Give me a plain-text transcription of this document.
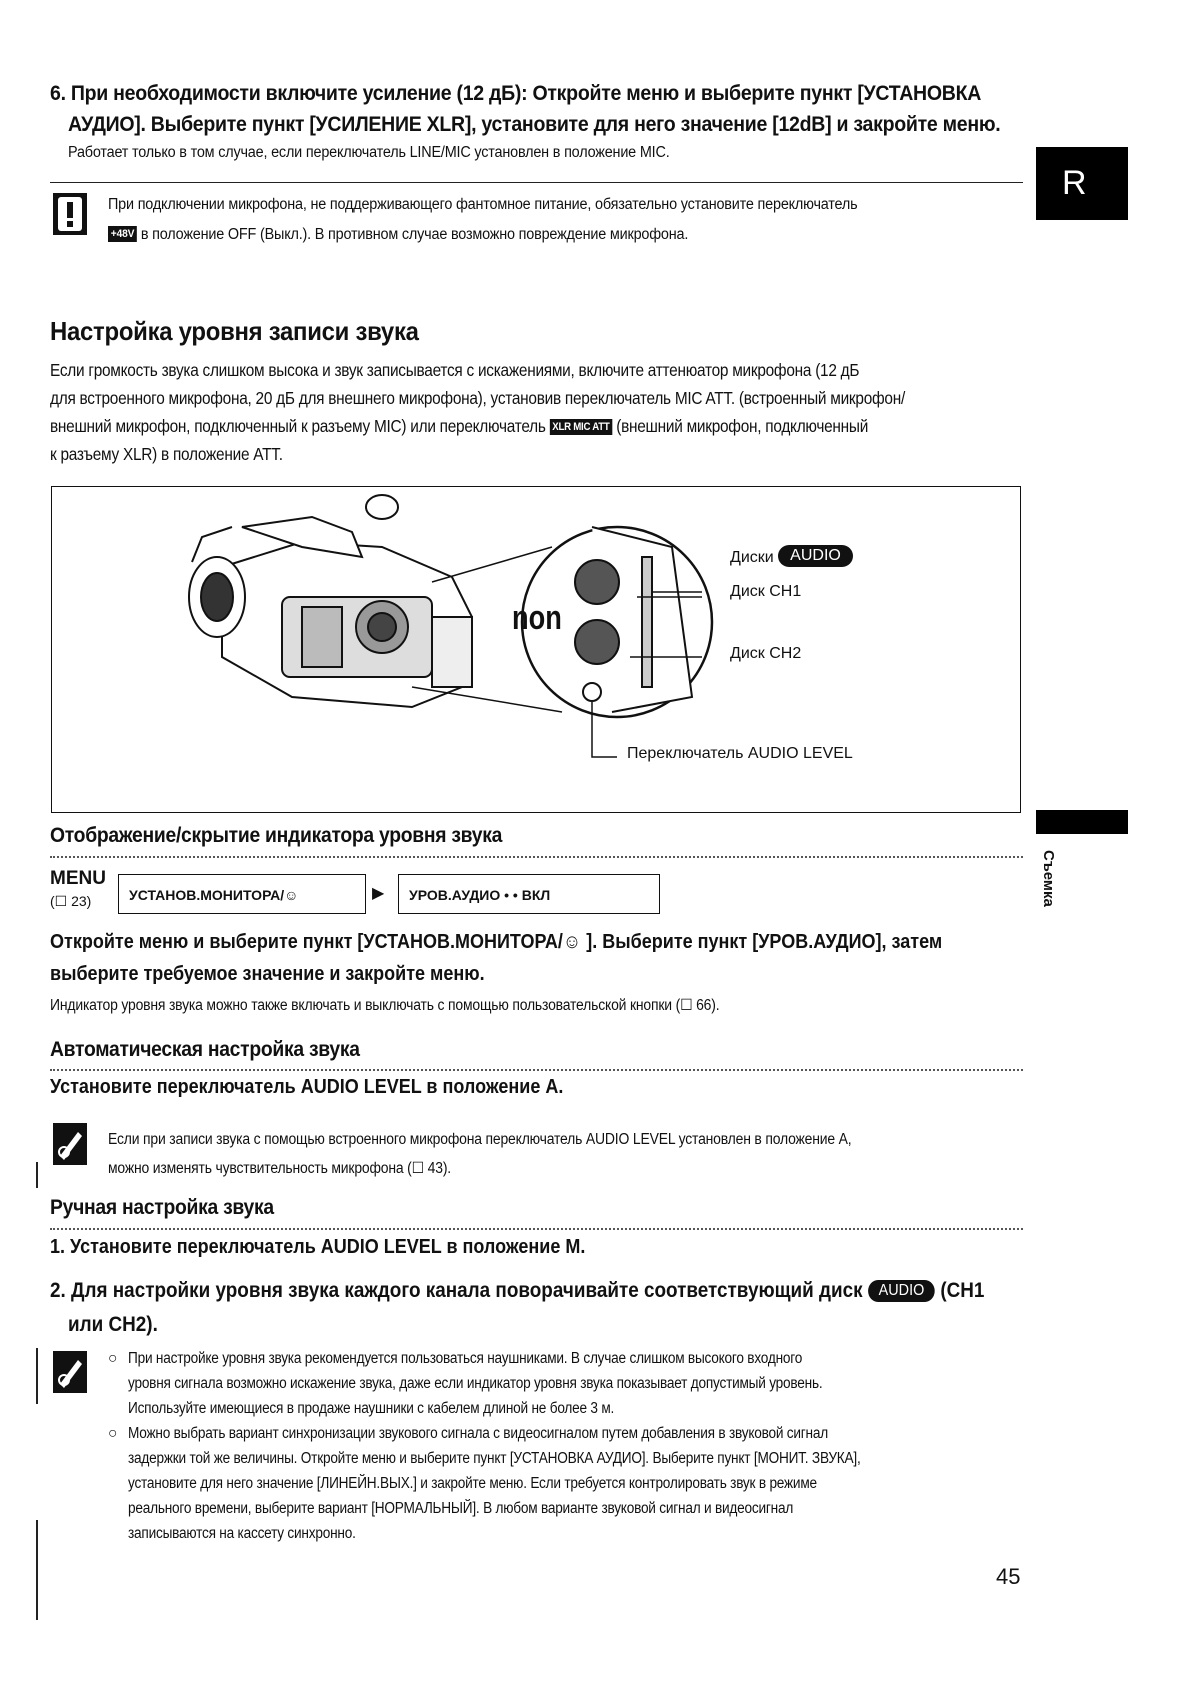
R
Съемка
6. При необходимости включите усиление (12 дБ): Откройте меню и выберите пункт [УСТАНОВКА
АУДИО]. Выберите пункт [УСИЛЕНИЕ XLR], установите для него значение [12dB] и закройте меню.
Работает только в том случае, если переключатель LINE/MIC установлен в положение MIC.
При подключении микрофона, не поддерживающего фантомное питание, обязательно установите переключатель
+48V в положение OFF (Выкл.). В противном случае возможно повреждение микрофона.
Настройка уровня записи звука
Если громкость звука слишком высока и звук записывается с искажениями, включите аттенюатор микрофона (12 дБ
для встроенного микрофона, 20 дБ для внешнего микрофона), установив переключатель MIC ATT. (встроенный микрофон/
внешний микрофон, подключенный к разъему MIC) или переключатель XLR MIC ATT (внешний микрофон, подключенный
к разъему XLR) в положение ATT.
non
Диски AUDIO
Диск CH1
Диск CH2
Переключатель AUDIO LEVEL
Отображение/скрытие индикатора уровня звука
MENU
(☐ 23)	УСТАНОВ.МОНИТОРА/☺	▶	УРОВ.АУДИО • • ВКЛ
Откройте меню и выберите пункт [УСТАНОВ.МОНИТОРА/☺ ]. Выберите пункт [УРОВ.АУДИО], затем
выберите требуемое значение и закройте меню.
Индикатор уровня звука можно также включать и выключать с помощью пользовательской кнопки (☐ 66).
Автоматическая настройка звука
Установите переключатель AUDIO LEVEL в положение A.
Если при записи звука с помощью встроенного микрофона переключатель AUDIO LEVEL установлен в положение A,
можно изменять чувствительность микрофона (☐ 43).
Ручная настройка звука
1. Установите переключатель AUDIO LEVEL в положение M.
2. Для настройки уровня звука каждого канала поворачивайте соответствующий диск AUDIO (CH1
или CH2).
○ При настройке уровня звука рекомендуется пользоваться наушниками. В случае слишком высокого входного
уровня сигнала возможно искажение звука, даже если индикатор уровня звука показывает допустимый уровень.
Используйте имеющиеся в продаже наушники с кабелем длиной не более 3 м.
○ Можно выбрать вариант синхронизации звукового сигнала с видеосигналом путем добавления в звуковой сигнал
задержки той же величины. Откройте меню и выберите пункт [УСТАНОВКА АУДИО]. Выберите пункт [МОНИТ. ЗВУКА],
установите для него значение [ЛИНЕЙН.ВЫХ.] и закройте меню. Если требуется контролировать звук в режиме
реального времени, выберите вариант [НОРМАЛЬНЫЙ]. В любом варианте звуковой сигнал и видеосигнал
записываются на кассету синхронно.
45
